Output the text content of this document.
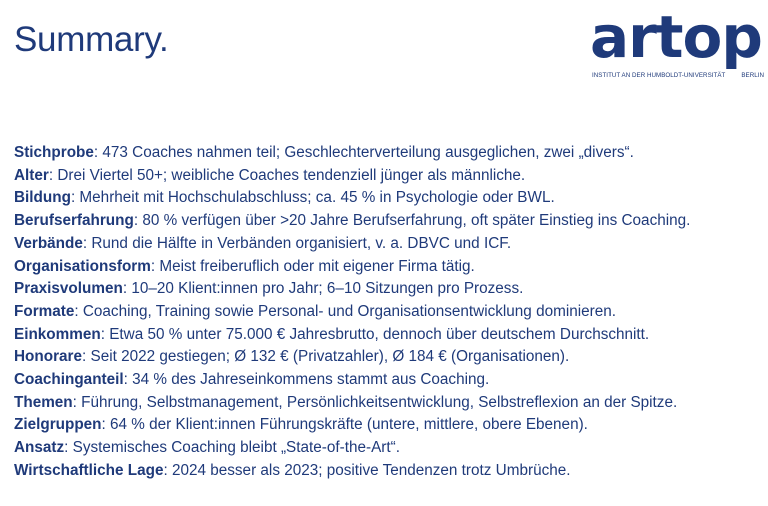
Summary.	artop
INSTITUT AN DER HUMBOLDT-UNIVERSITÄT	BERLIN
Stichprobe: 473 Coaches nahmen teil; Geschlechterverteilung ausgeglichen, zwei „divers“.
Alter: Drei Viertel 50+; weibliche Coaches tendenziell jünger als männliche.
Bildung: Mehrheit mit Hochschulabschluss; ca. 45 % in Psychologie oder BWL.
Berufserfahrung: 80 % verfügen über >20 Jahre Berufserfahrung, oft später Einstieg ins Coaching.
Verbände: Rund die Hälfte in Verbänden organisiert, v. a. DBVC und ICF.
Organisationsform: Meist freiberuflich oder mit eigener Firma tätig.
Praxisvolumen: 10–20 Klient:innen pro Jahr; 6–10 Sitzungen pro Prozess.
Formate: Coaching, Training sowie Personal- und Organisationsentwicklung dominieren.
Einkommen: Etwa 50 % unter 75.000 € Jahresbrutto, dennoch über deutschem Durchschnitt.
Honorare: Seit 2022 gestiegen; Ø 132 € (Privatzahler), Ø 184 € (Organisationen).
Coachinganteil: 34 % des Jahreseinkommens stammt aus Coaching.
Themen: Führung, Selbstmanagement, Persönlichkeitsentwicklung, Selbstreflexion an der Spitze.
Zielgruppen: 64 % der Klient:innen Führungskräfte (untere, mittlere, obere Ebenen).
Ansatz: Systemisches Coaching bleibt „State-of-the-Art“.
Wirtschaftliche Lage: 2024 besser als 2023; positive Tendenzen trotz Umbrüche.
